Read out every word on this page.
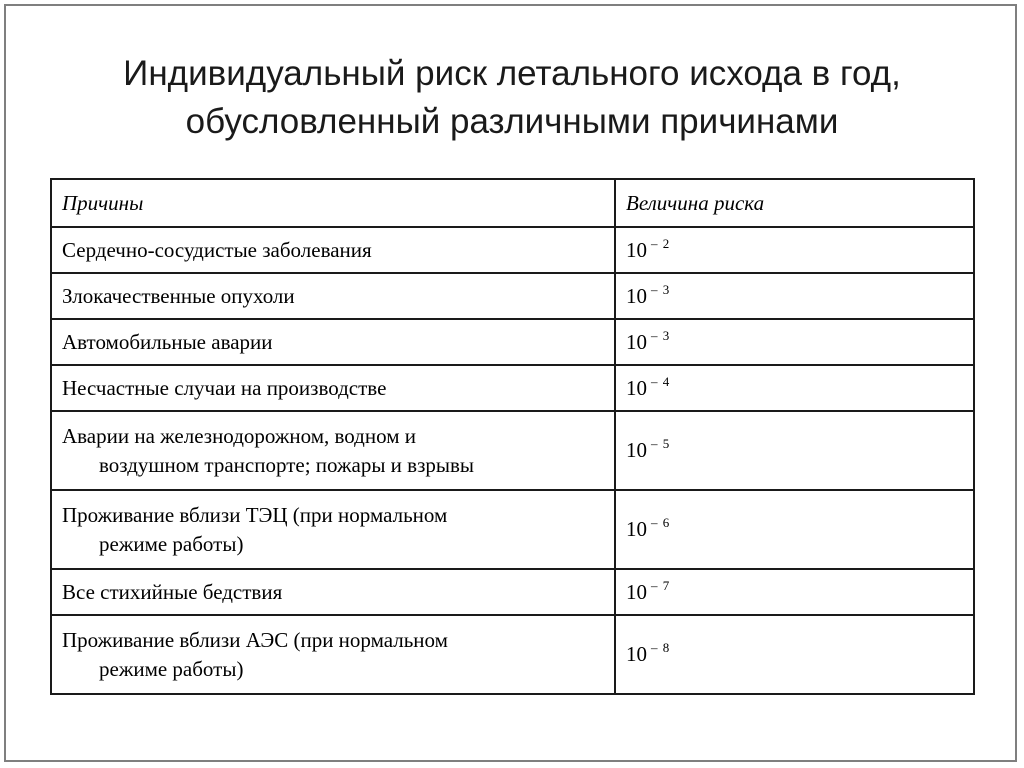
Индивидуальный риск летального исхода в год,
обусловленный различными причинами
Причины	Величина риска
Сердечно-сосудистые заболевания	10 $^{- 2}$
Злокачественные опухоли	10 $^{- 3}$
Автомобильные аварии	10 $^{- 3}$
Несчастные случаи на производстве	10 $^{- 4}$

Аварии на железнодорожном, водном и
воздушном транспорте; пожары и взрывы	10 $^{- 5}$

Проживание вблизи ТЭЦ (при нормальном
режиме работы)	10 $^{- 6}$
Все стихийные бедствия	10 $^{- 7}$

Проживание вблизи АЭС (при нормальном
режиме работы)	10 $^{- 8}$
